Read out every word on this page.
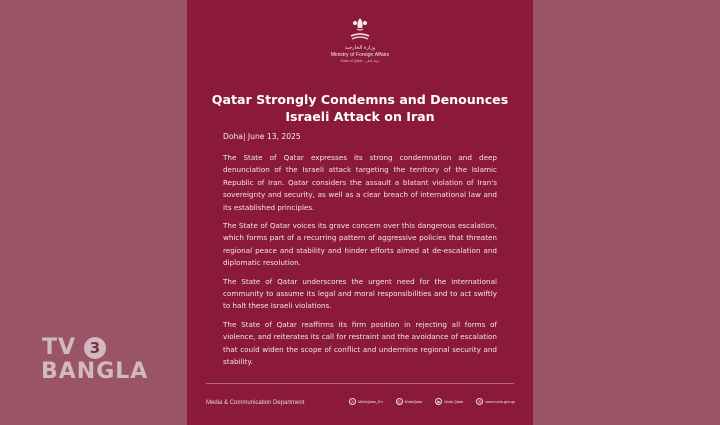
وزارة الخارجية
Ministry of Foreign Affairs
State of Qatar - دولة قطر
Qatar Strongly Condemns and Denounces
Israeli Attack on Iran
Doha| June 13, 2025

The State of Qatar expresses its strong condemnation and deep denunciation of the Israeli attack targeting the territory of the Islamic Republic of Iran. Qatar considers the assault a blatant violation of Iran's sovereignty and security, as well as a clear breach of international law and its established principles.

The State of Qatar voices its grave concern over this dangerous escalation, which forms part of a recurring pattern of aggressive policies that threaten regional peace and stability and hinder efforts aimed at de-escalation and diplomatic resolution.

The State of Qatar underscores the urgent need for the international community to assume its legal and moral responsibilities and to act swiftly to halt these Israeli violations.

The State of Qatar reaffirms its firm position in rejecting all forms of violence, and reiterates its call for restraint and the avoidance of escalation that could widen the scope of conflict and undermine regional security and stability.

Media & Communication Department	X	MofaQatar_En	◎ MofaQatar	▶	Mofa Qatar	⊕	www.mofa.gov.qa
TV 3
BANGLA
